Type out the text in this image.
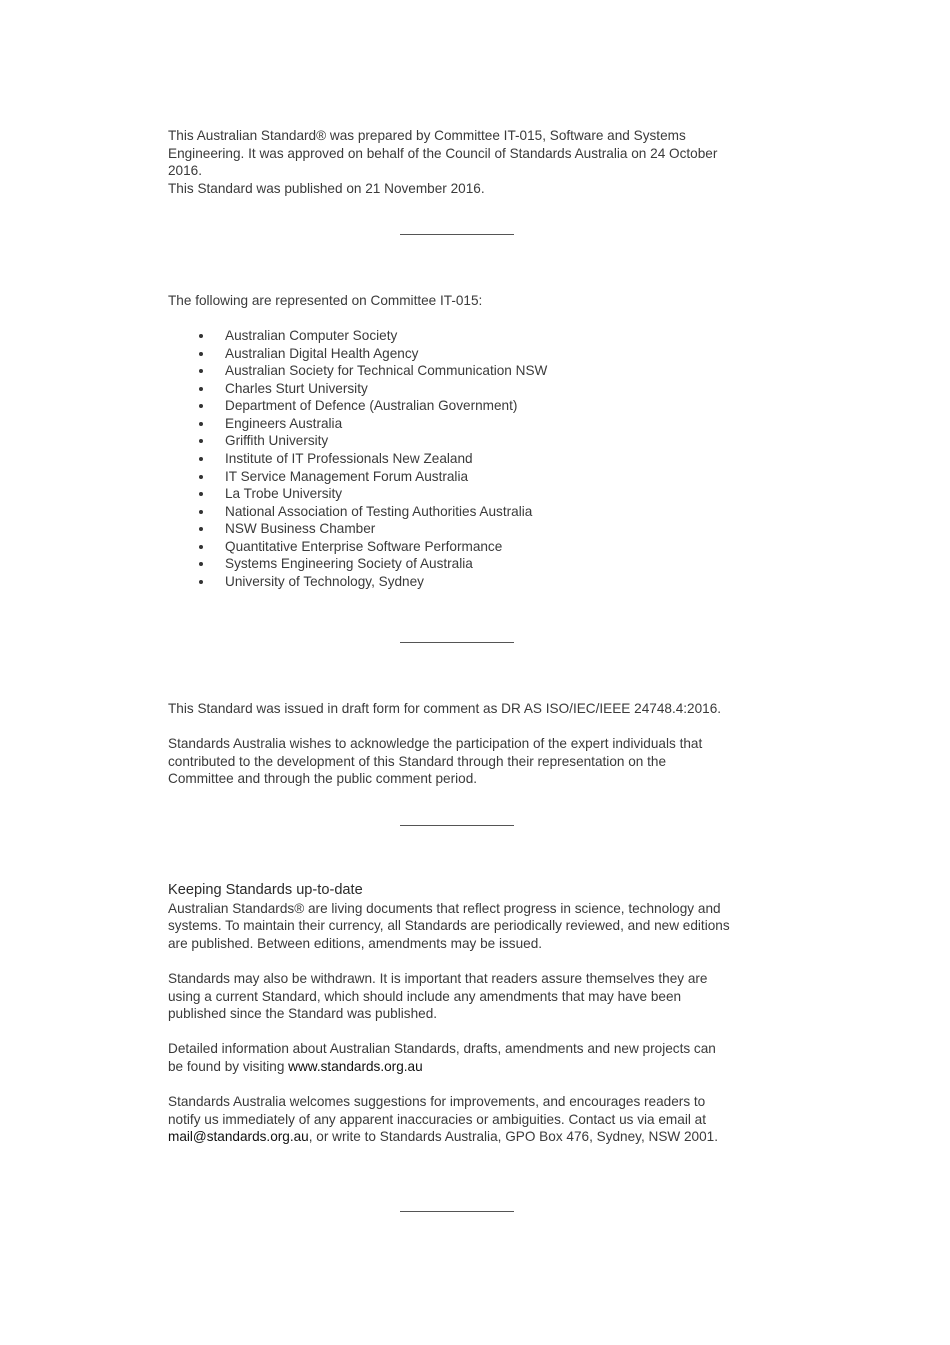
This Australian Standard® was prepared by Committee IT-015, Software and Systems

Engineering. It was approved on behalf of the Council of Standards Australia on 24 October

2016.

This Standard was published on 21 November 2016.

The following are represented on Committee IT-015:

Australian Computer Society
Australian Digital Health Agency
Australian Society for Technical Communication NSW
Charles Sturt University
Department of Defence (Australian Government)
Engineers Australia
Griffith University
Institute of IT Professionals New Zealand
IT Service Management Forum Australia
La Trobe University
National Association of Testing Authorities Australia
NSW Business Chamber
Quantitative Enterprise Software Performance
Systems Engineering Society of Australia
University of Technology, Sydney

This Standard was issued in draft form for comment as DR AS ISO/IEC/IEEE 24748.4:2016.

Standards Australia wishes to acknowledge the participation of the expert individuals that

contributed to the development of this Standard through their representation on the

Committee and through the public comment period.

Keeping Standards up-to-date

Australian Standards® are living documents that reflect progress in science, technology and

systems. To maintain their currency, all Standards are periodically reviewed, and new editions

are published. Between editions, amendments may be issued.

Standards may also be withdrawn. It is important that readers assure themselves they are

using a current Standard, which should include any amendments that may have been

published since the Standard was published.

Detailed information about Australian Standards, drafts, amendments and new projects can

be found by visiting www.standards.org.au

Standards Australia welcomes suggestions for improvements, and encourages readers to

notify us immediately of any apparent inaccuracies or ambiguities. Contact us via email at

mail@standards.org.au, or write to Standards Australia, GPO Box 476, Sydney, NSW 2001.
